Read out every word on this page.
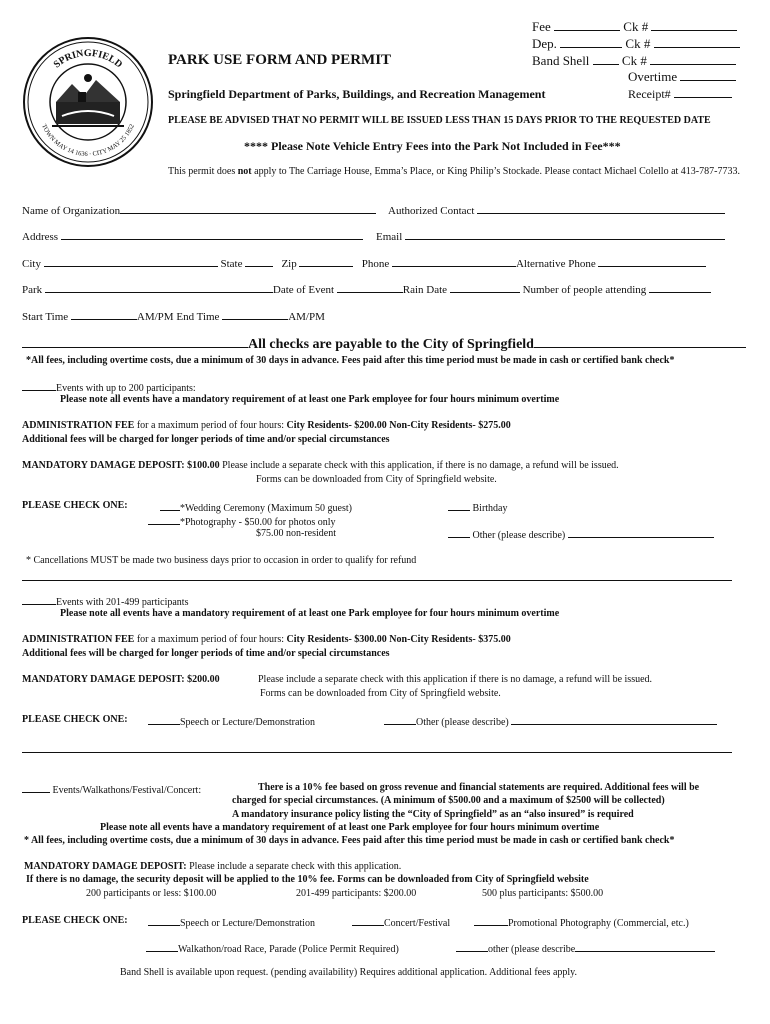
SPRINGFIELD
TOWN MAY 14 1636 · CITY MAY 25 1852
Fee	Ck #
Dep.	Ck #
Band Shell	Ck #
Overtime
Receipt#
PARK USE FORM AND PERMIT
Springfield Department of Parks, Buildings, and Recreation Management
PLEASE BE ADVISED THAT NO PERMIT WILL BE ISSUED LESS THAN 15 DAYS PRIOR TO THE REQUESTED DATE
**** Please Note Vehicle Entry Fees into the Park Not Included in Fee***
This permit does not apply to The Carriage House, Emma’s Place, or King Philip’s Stockade. Please contact Michael Colello at 413-787-7733.
Name of Organization	Authorized Contact
Address	Email
City	State	Zip	Phone	Alternative Phone
Park	Date of Event	Rain Date	Number of people attending
Start Time	AM/PM End Time	AM/PM
All checks are payable to the City of Springfield
*All fees, including overtime costs, due a minimum of 30 days in advance. Fees paid after this time period must be made in cash or certified bank check*
Events with up to 200 participants:
Please note all events have a mandatory requirement of at least one Park employee for four hours minimum overtime
ADMINISTRATION FEE for a maximum period of four hours: City Residents- $200.00 Non-City Residents- $275.00
Additional fees will be charged for longer periods of time and/or special circumstances
MANDATORY DAMAGE DEPOSIT: $100.00 Please include a separate check with this application, if there is no damage, a refund will be issued.
Forms can be downloaded from City of Springfield website.
PLEASE CHECK ONE:	*Wedding Ceremony (Maximum 50 guest)
*Photography - $50.00 for photos only
$75.00 non-resident
Birthday
Other (please describe)
* Cancellations MUST be made two business days prior to occasion in order to qualify for refund
Events with 201-499 participants
Please note all events have a mandatory requirement of at least one Park employee for four hours minimum overtime
ADMINISTRATION FEE for a maximum period of four hours: City Residents- $300.00 Non-City Residents- $375.00
Additional fees will be charged for longer periods of time and/or special circumstances
MANDATORY DAMAGE DEPOSIT: $200.00	Please include a separate check with this application if there is no damage, a refund will be issued.
Forms can be downloaded from City of Springfield website.
PLEASE CHECK ONE:	Speech or Lecture/Demonstration	Other (please describe)
Events/Walkathons/Festival/Concert:	There is a 10% fee based on gross revenue and financial statements are required. Additional fees will be
charged for special circumstances. (A minimum of $500.00 and a maximum of $2500 will be collected)
A mandatory insurance policy listing the “City of Springfield” as an “also insured” is required
Please note all events have a mandatory requirement of at least one Park employee for four hours minimum overtime
* All fees, including overtime costs, due a minimum of 30 days in advance. Fees paid after this time period must be made in cash or certified bank check*
MANDATORY DAMAGE DEPOSIT: Please include a separate check with this application.
If there is no damage, the security deposit will be applied to the 10% fee. Forms can be downloaded from City of Springfield website
200 participants or less: $100.00	201-499 participants: $200.00	500 plus participants: $500.00
PLEASE CHECK ONE:	Speech or Lecture/Demonstration	Concert/Festival	Promotional Photography (Commercial, etc.)
Walkathon/road Race, Parade (Police Permit Required)	other (please describe
Band Shell is available upon request. (pending availability) Requires additional application. Additional fees apply.
